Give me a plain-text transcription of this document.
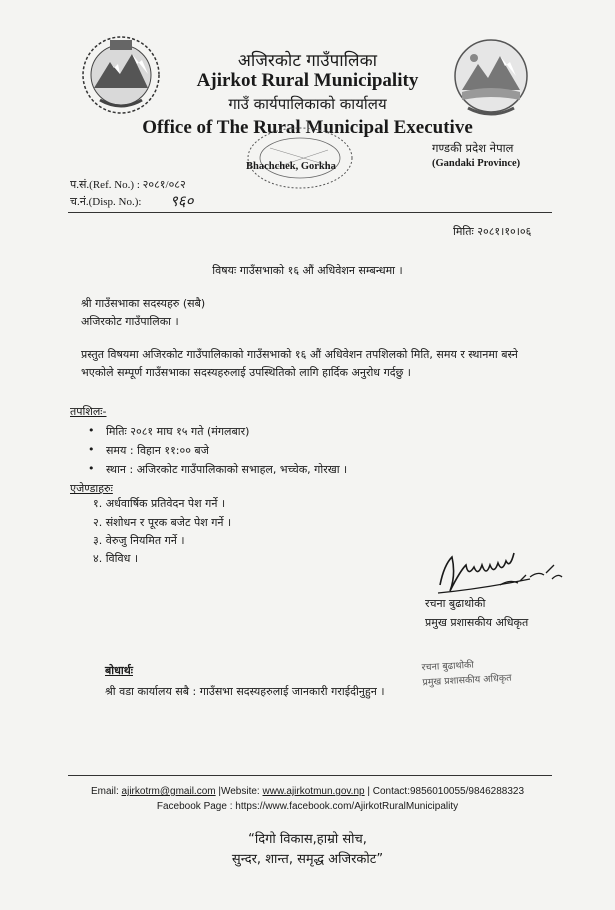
अजिरकोट गाउँपालिका
Ajirkot Rural Municipality
गाउँ कार्यपालिकाको कार्यालय
Office of The Rural Municipal Executive
Bhachchek, Gorkha
गण्डकी प्रदेश नेपाल
(Gandaki Province)
प.सं.(Ref. No.) : २०८१/०८२
च.नं.(Disp. No.): ९६०
मितिः २०८१।१०।०६
विषयः गाउँसभाको १६ औं अधिवेशन सम्बन्धमा ।
श्री गाउँसभाका सदस्यहरु (सबै)
अजिरकोट गाउँपालिका ।
प्रस्तुत विषयमा अजिरकोट गाउँपालिकाको गाउँसभाको १६ औं अधिवेशन तपशिलको मिति, समय र स्थानमा बस्ने भएकोले सम्पूर्ण गाउँसभाका सदस्यहरुलाई उपस्थितिको लागि हार्दिक अनुरोध गर्दछु ।
तपशिलः-
• मितिः २०८१ माघ १५ गते (मंगलबार)
• समय : विहान ११:०० बजे
• स्थान : अजिरकोट गाउँपालिकाको सभाहल, भच्चेक, गोरखा ।
एजेण्डाहरुः
१. अर्धवार्षिक प्रतिवेदन पेश गर्ने ।
२. संशोधन र पूरक बजेट पेश गर्ने ।
३. वेरुजु नियमित गर्ने ।
४. विविध ।
रचना बुढाथोकी
प्रमुख प्रशासकीय अधिकृत
रचना बुढाथोकी
प्रमुख प्रशासकीय अधिकृत
बोधार्थः
श्री वडा कार्यालय सबै : गाउँसभा सदस्यहरुलाई जानकारी गराईदीनुहुन ।
Email: ajirkotrm@gmail.com |Website: www.ajirkotmun.gov.np | Contact:9856010055/9846288323
Facebook Page : https://www.facebook.com/AjirkotRuralMunicipality
“दिगो विकास,हाम्रो सोच,
सुन्दर, शान्त, समृद्ध अजिरकोट”
